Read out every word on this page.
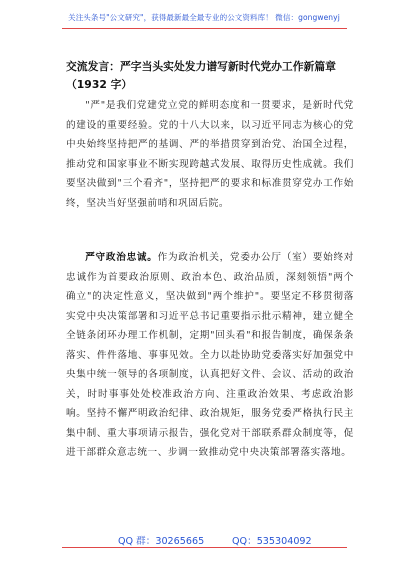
关注头条号"公文研究"，获得最新最全最专业的公文资料库！ 微信：gongwenyj
交流发言：严字当头实处发力谱写新时代党办工作新篇章
（1932 字）
"严"是我们党建党立党的鲜明态度和一贯要求，是新时代党的建设的重要经验。党的十八大以来，以习近平同志为核心的党中央始终坚持把严的基调、严的举措贯穿到治党、治国全过程，推动党和国家事业不断实现跨越式发展、取得历史性成就。我们要坚决做到"三个看齐"，坚持把严的要求和标准贯穿党办工作始终，坚决当好坚强前哨和巩固后院。
严守政治忠诚。作为政治机关，党委办公厅（室）要始终对忠诚作为首要政治原则、政治本色、政治品质，深刻领悟"两个确立"的决定性意义，坚决做到"两个维护"。要坚定不移贯彻落实党中央决策部署和习近平总书记重要指示批示精神，建立健全全链条闭环办理工作机制，定期"回头看"和报告制度，确保条条落实、件件落地、事事见效。全力以赴协助党委落实好加强党中央集中统一领导的各项制度，认真把好文件、会议、活动的政治关，时时事事处处校准政治方向、注重政治效果、考虑政治影响。坚持不懈严明政治纪律、政治规矩，服务党委严格执行民主集中制、重大事项请示报告，强化党对干部联系群众制度等，促进干部群众意志统一、步调一致推动党中央决策部署落实落地。
QQ 群：30265665	QQ：535304092
